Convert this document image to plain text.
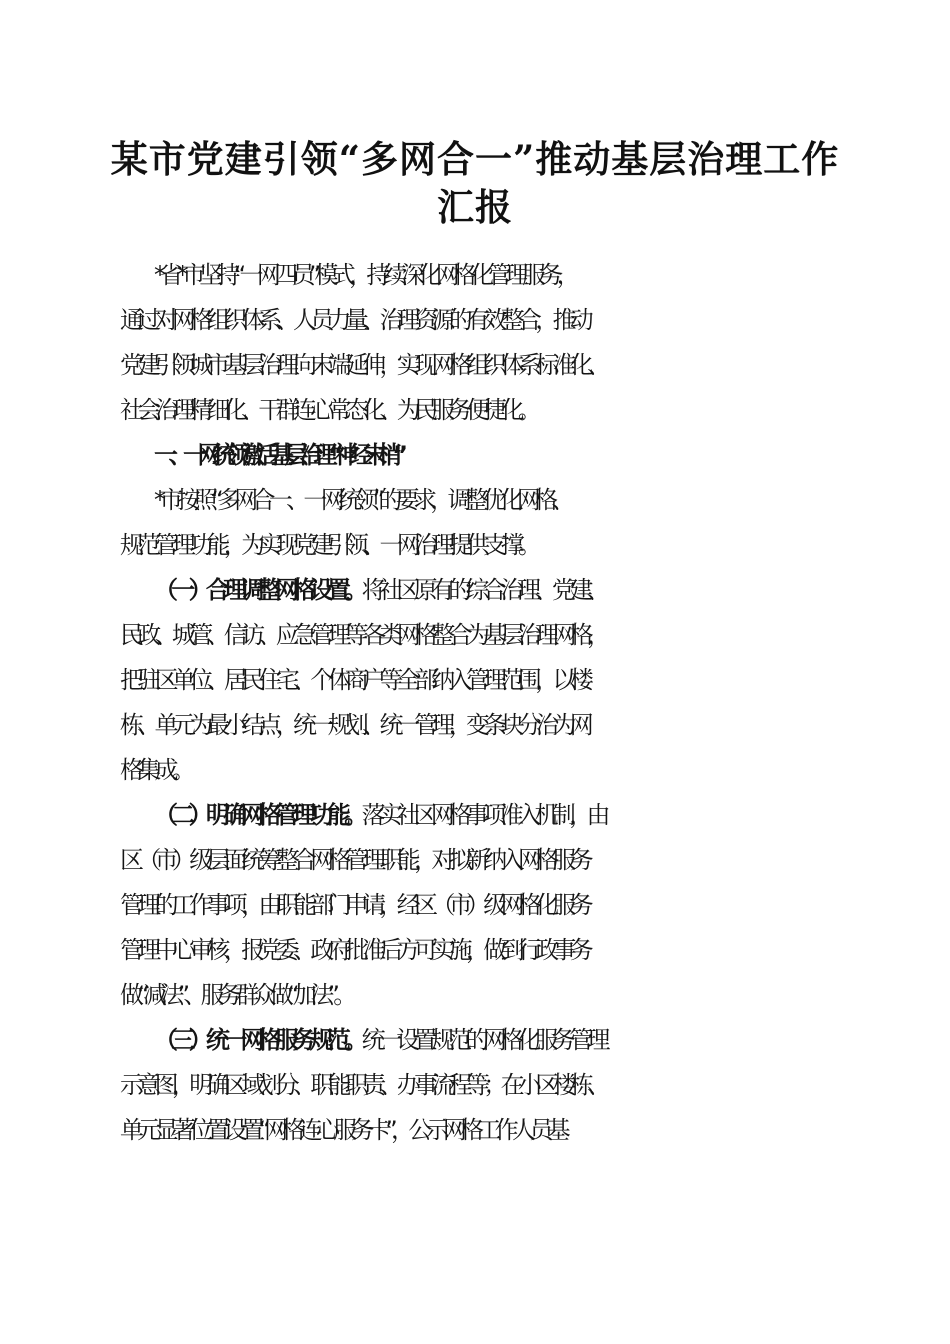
某市党建引领“多网合一”推动基层治理工作
汇报
*省*市坚持“一网四员”模式，持续深化网格化管理服务，
通过对网格组织体系、人员力量、治理资源的有效整合，推动
党建引领城市基层治理向末端延伸，实现网格组织体系标准化、
社会治理精细化、干群连心常态化、为民服务便捷化。
一、一网统领激活基层治理“神经末梢”
*市按照“多网合一、一网统领”的要求，调整优化网格、
规范管理功能，为实现党建引领、一网治理提供支撑。
（一）合理调整网格设置。将社区原有的综合治理、党建、
民政、城管、信访、应急管理等各类网格整合为基层治理网格，
把驻区单位、居民住宅、个体商户等全部纳入管理范围，以楼
栋、单元为最小结点，统一规划、统一管理，变条块分治为网
格集成。
（二）明确网格管理功能。落实社区网格事项准入机制，由
区（市）级层面统筹整合网格管理职能，对拟新纳入网格服务
管理的工作事项，由职能部门申请，经区（市）级网格化服务
管理中心审核，报党委、政府批准后方可实施，做到行政事务
做“减法”、服务群众做“加法”。
（三）统一网格服务规范。统一设置规范的网格化服务管理
示意图，明确区域划分、职能职责、办事流程等；在小区楼栋、
单元显著位置设置“网格连心服务卡”，公示网格工作人员基
